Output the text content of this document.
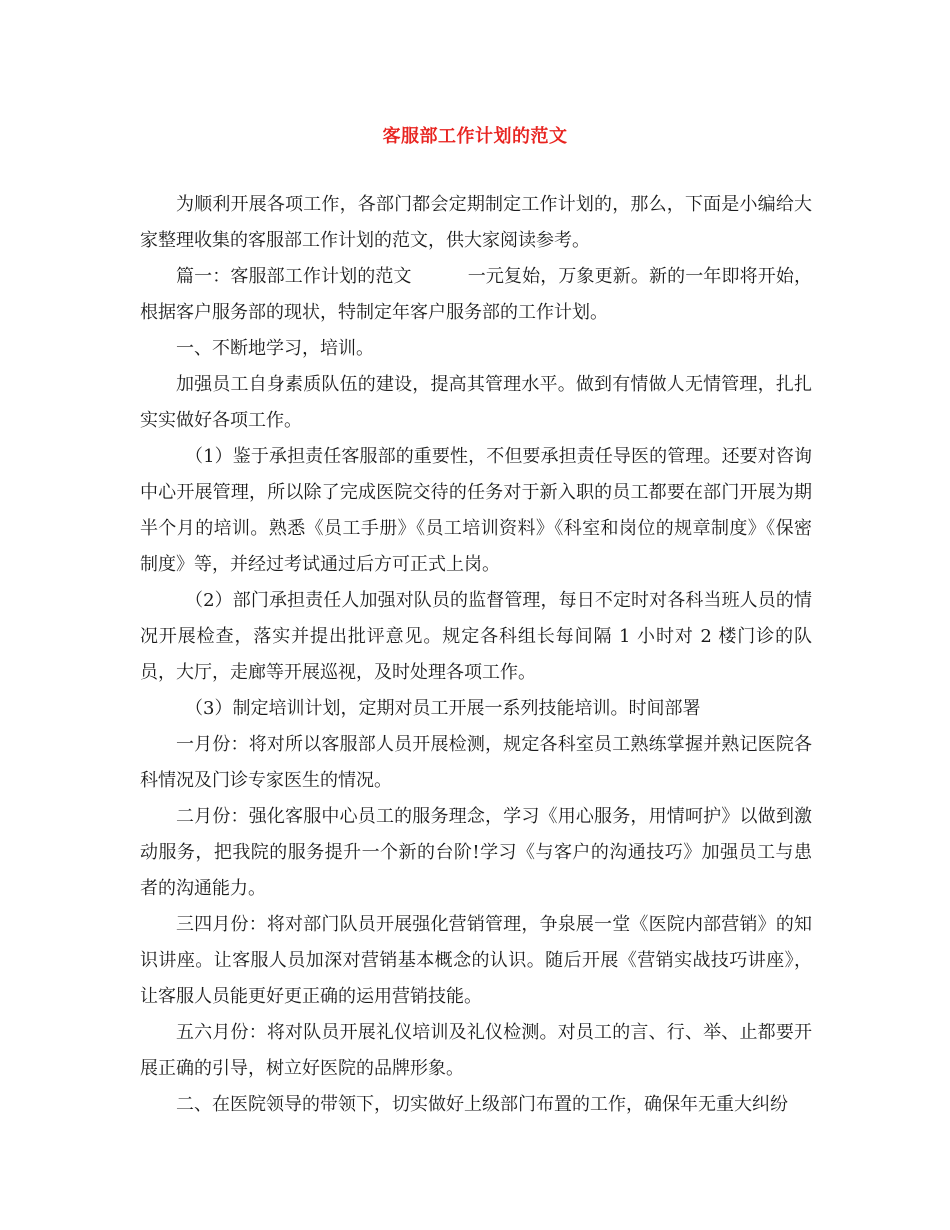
客服部工作计划的范文

为顺利开展各项工作，各部门都会定期制定工作计划的，那么，下面是小编给大家整理收集的客服部工作计划的范文，供大家阅读参考。

篇一：客服部工作计划的范文	一元复始，万象更新。新的一年即将开始，根据客户服务部的现状，特制定年客户服务部的工作计划。

一、不断地学习，培训。

加强员工自身素质队伍的建设，提高其管理水平。做到有情做人无情管理，扎扎实实做好各项工作。

（1）鉴于承担责任客服部的重要性，不但要承担责任导医的管理。还要对咨询中心开展管理，所以除了完成医院交待的任务对于新入职的员工都要在部门开展为期半个月的培训。熟悉《员工手册》《员工培训资料》《科室和岗位的规章制度》《保密制度》等，并经过考试通过后方可正式上岗。

（2）部门承担责任人加强对队员的监督管理，每日不定时对各科当班人员的情况开展检查，落实并提出批评意见。规定各科组长每间隔 1 小时对 2 楼门诊的队员，大厅，走廊等开展巡视，及时处理各项工作。

（3）制定培训计划，定期对员工开展一系列技能培训。时间部署

一月份：将对所以客服部人员开展检测，规定各科室员工熟练掌握并熟记医院各科情况及门诊专家医生的情况。

二月份：强化客服中心员工的服务理念，学习《用心服务，用情呵护》以做到激动服务，把我院的服务提升一个新的台阶!学习《与客户的沟通技巧》加强员工与患者的沟通能力。

三四月份：将对部门队员开展强化营销管理，争泉展一堂《医院内部营销》的知识讲座。让客服人员加深对营销基本概念的认识。随后开展《营销实战技巧讲座》，让客服人员能更好更正确的运用营销技能。

五六月份：将对队员开展礼仪培训及礼仪检测。对员工的言、行、举、止都要开展正确的引导，树立好医院的品牌形象。

二、在医院领导的带领下，切实做好上级部门布置的工作，确保年无重大纠纷
